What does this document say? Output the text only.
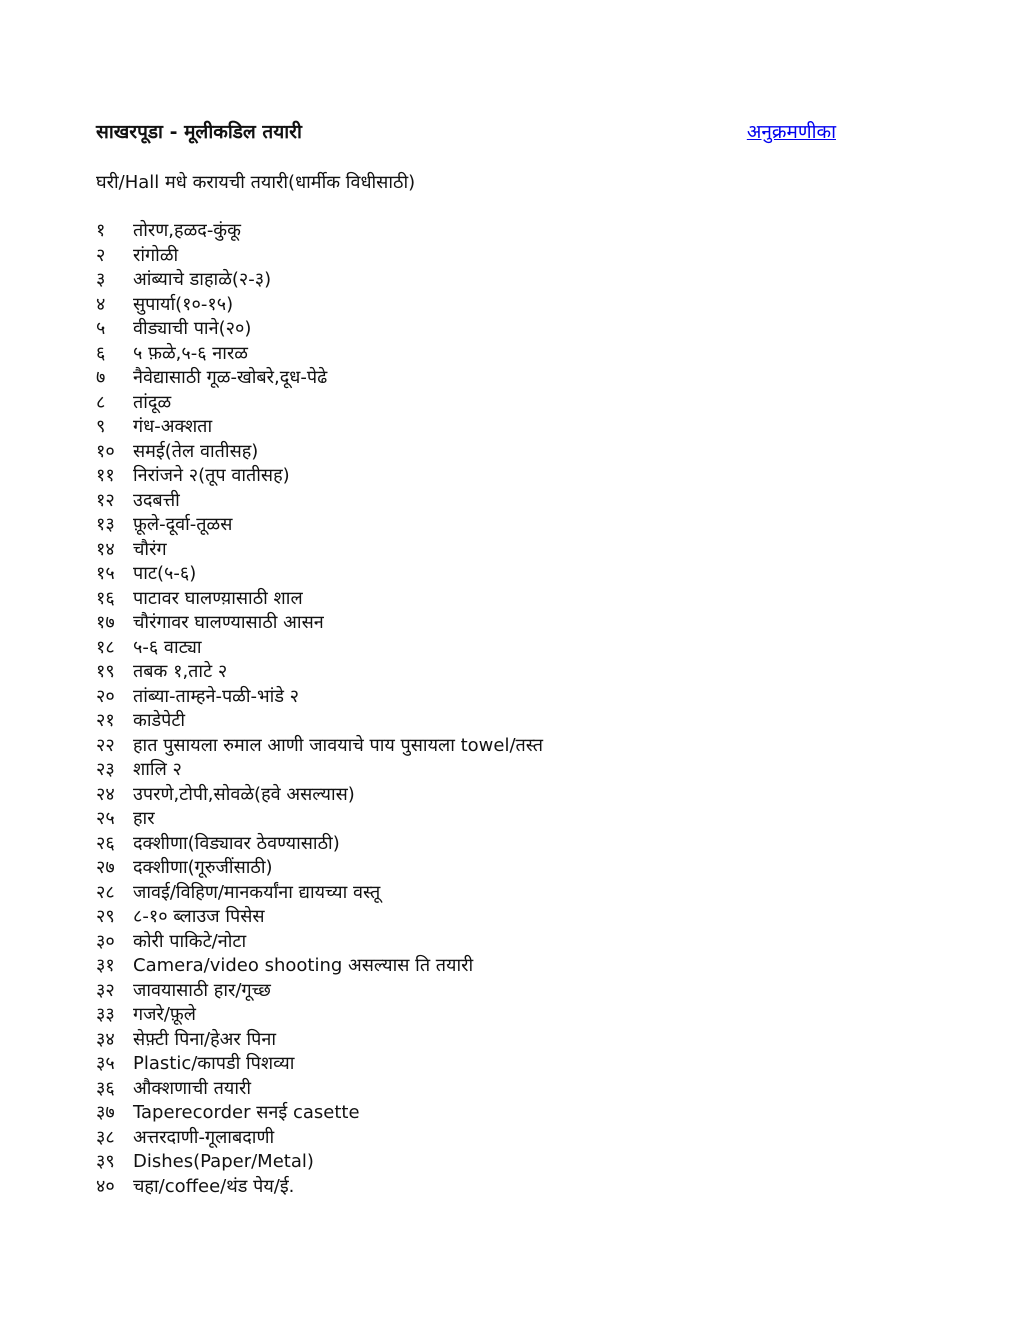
साखरपूडा - मूलीकडिल तयारी	अनुक्रमणीका
घरी/Hall मधे करायची तयारी(धार्मीक विधीसाठी)
१ तोरण,हळद-कुंकू
२ रांगोळी
३ आंब्याचे डाहाळे(२-३)
४ सुपार्या(१०-१५)
५ वीड्याची पाने(२०)
६ ५ फ़ळे,५-६ नारळ
७ नैवेद्यासाठी गूळ-खोबरे,दूध-पेढे
८ तांदूळ
९ गंध-अक्शता
१० समई(तेल वातीसह)
११ निरांजने २(तूप वातीसह)
१२ उदबत्ती
१३ फ़ूले-दूर्वा-तूळस
१४ चौरंग
१५ पाट(५-६)
१६ पाटावर घालण्य़ासाठी शाल
१७ चौरंगावर घालण्यासाठी आसन
१८ ५-६ वाट्या
१९ तबक १,ताटे २
२० तांब्या-ताम्हने-पळी-भांडे २
२१ काडेपेटी
२२ हात पुसायला रुमाल आणी जावयाचे पाय पुसायला towel/तस्त
२३ शालि २
२४ उपरणे,टोपी,सोवळे(हवे असल्यास)
२५ हार
२६ दक्शीणा(विड्यावर ठेवण्यासाठी)
२७ दक्शीणा(गूरुजींसाठी)
२८ जावई/विहिण/मानकर्यांना द्यायच्या वस्तू
२९ ८-१० ब्लाउज पिसेस
३० कोरी पाकिटे/नोटा
३१ Camera/video shooting असल्यास ति तयारी
३२ जावयासाठी हार/गूच्छ
३३ गजरे/फ़ूले
३४ सेफ़्टी पिना/हेअर पिना
३५ Plastic/कापडी पिशव्या
३६ औक्शणाची तयारी
३७ Taperecorder सनई casette
३८ अत्तरदाणी-गूलाबदाणी
३९ Dishes(Paper/Metal)
४० चहा/coffee/थंड पेय/ई.
